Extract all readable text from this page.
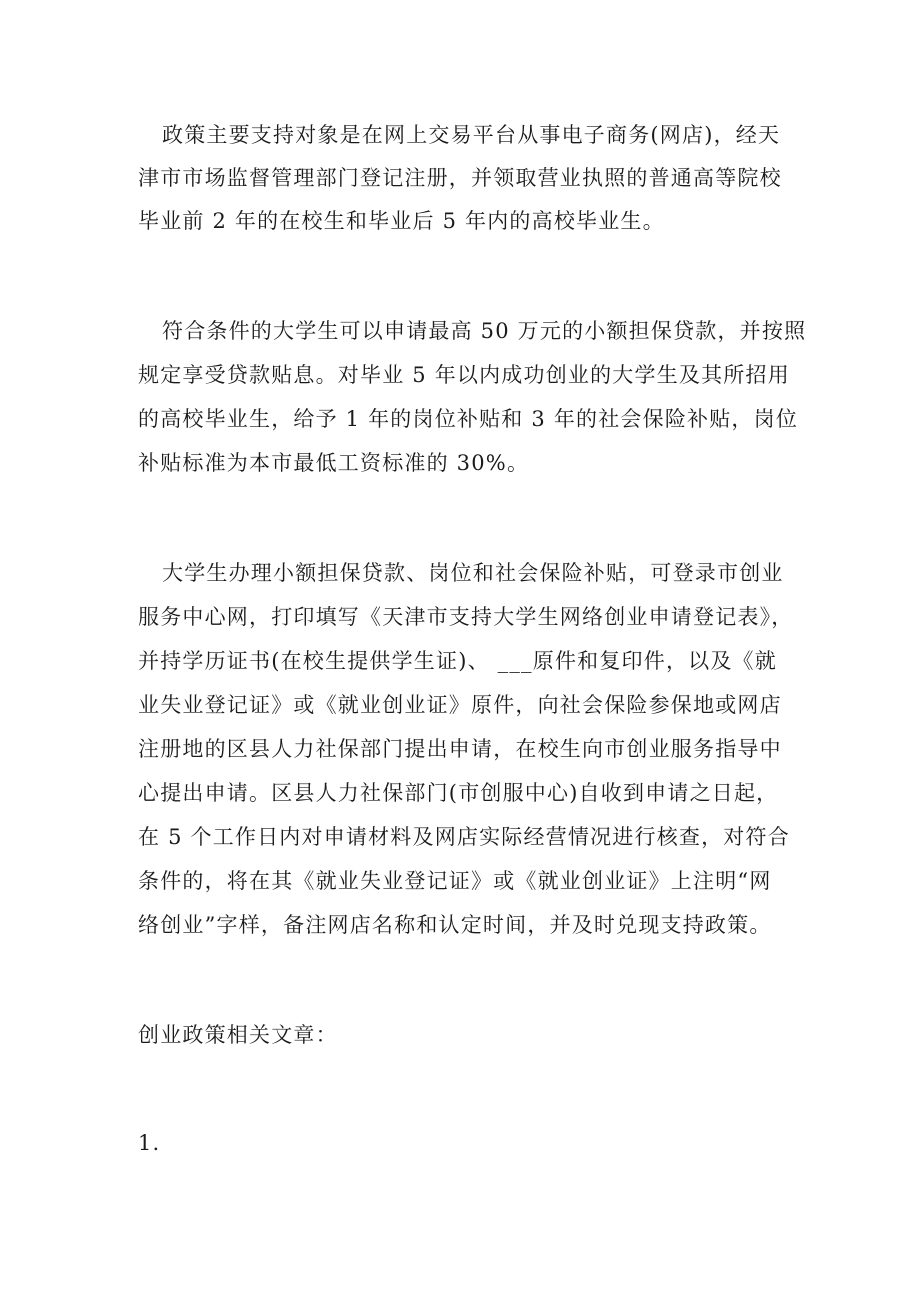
政策主要支持对象是在网上交易平台从事电子商务(网店)，经天
津市市场监督管理部门登记注册，并领取营业执照的普通高等院校
毕业前 2 年的在校生和毕业后 5 年内的高校毕业生。
符合条件的大学生可以申请最高 50 万元的小额担保贷款，并按照
规定享受贷款贴息。对毕业 5 年以内成功创业的大学生及其所招用
的高校毕业生，给予 1 年的岗位补贴和 3 年的社会保险补贴，岗位
补贴标准为本市最低工资标准的 30%。
大学生办理小额担保贷款、岗位和社会保险补贴，可登录市创业
服务中心网，打印填写《天津市支持大学生网络创业申请登记表》，
并持学历证书(在校生提供学生证)、 ___原件和复印件，以及《就
业失业登记证》或《就业创业证》原件，向社会保险参保地或网店
注册地的区县人力社保部门提出申请，在校生向市创业服务指导中
心提出申请。区县人力社保部门(市创服中心)自收到申请之日起，
在 5 个工作日内对申请材料及网店实际经营情况进行核查，对符合
条件的，将在其《就业失业登记证》或《就业创业证》上注明“网
络创业”字样，备注网店名称和认定时间，并及时兑现支持政策。
创业政策相关文章：
1.
